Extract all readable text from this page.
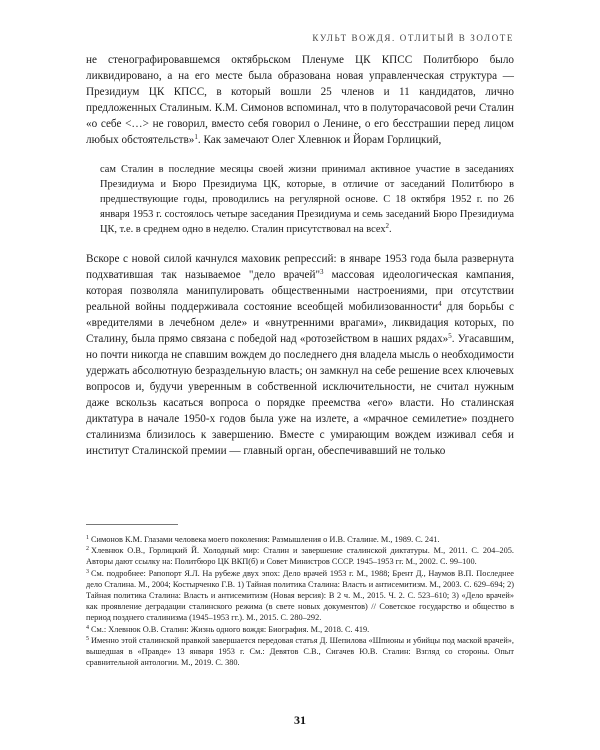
КУЛЬТ ВОЖДЯ. ОТЛИТЫЙ В ЗОЛОТЕ

не стенографировавшемся октябрьском Пленуме ЦК КПСС Политбюро было ликвидировано, а на его месте была образована новая управленческая структура — Президиум ЦК КПСС, в который вошли 25 членов и 11 кандидатов, лично предложенных Сталиным. К.М. Симонов вспоминал, что в полуторачасовой речи Сталин «о себе <…> не говорил, вместо себя говорил о Ленине, о его бесстрашии перед лицом любых обстоятельств»$^1$. Как замечают Олег Хлевнюк и Йорам Горлицкий,

сам Сталин в последние месяцы своей жизни принимал активное участие в заседаниях Президиума и Бюро Президиума ЦК, которые, в отличие от заседаний Политбюро в предшествующие годы, проводились на регулярной основе. С 18 октября 1952 г. по 26 января 1953 г. состоялось четыре заседания Президиума и семь заседаний Бюро Президиума ЦК, т.е. в среднем одно в неделю. Сталин присутствовал на всех$^2$.

Вскоре с новой силой качнулся маховик репрессий: в январе 1953 года была развернута подхватившая так называемое "дело врачей"$^3$ массовая идеологическая кампания, которая позволяла манипулировать общественными настроениями, при отсутствии реальной войны поддерживала состояние всеобщей мобилизованности$^4$ для борьбы с «вредителями в лечебном деле» и «внутренними врагами», ликвидация которых, по Сталину, была прямо связана с победой над «ротозейством в наших рядах»$^5$. Угасавшим, но почти никогда не спавшим вождем до последнего дня владела мысль о необходимости удержать абсолютную безраздельную власть; он замкнул на себе решение всех ключевых вопросов и, будучи уверенным в собственной исключительности, не считал нужным даже вскользь касаться вопроса о порядке преемства «его» власти. Но сталинская диктатура в начале 1950-х годов была уже на излете, а «мрачное семилетие» позднего сталинизма близилось к завершению. Вместе с умирающим вождем изживал себя и институт Сталинской премии — главный орган, обеспечивавший не только

$^1$ Симонов К.М. Глазами человека моего поколения: Размышления о И.В. Сталине. М., 1989. С. 241.

$^2$ Хлевнюк О.В., Горлицкий Й. Холодный мир: Сталин и завершение сталинской диктатуры. М., 2011. С. 204–205. Авторы дают ссылку на: Политбюро ЦК ВКП(б) и Совет Министров СССР. 1945–1953 гг. М., 2002. С. 99–100.

$^3$ См. подробнее: Рапопорт Я.Л. На рубеже двух эпох: Дело врачей 1953 г. М., 1988; Брент Д., Наумов В.П. Последнее дело Сталина. М., 2004; Костырченко Г.В. 1) Тайная политика Сталина: Власть и антисемитизм. М., 2003. С. 629–694; 2) Тайная политика Сталина: Власть и антисемитизм (Новая версия): В 2 ч. М., 2015. Ч. 2. С. 523–610; 3) «Дело врачей» как проявление деградации сталинского режима (в свете новых документов) // Советское государство и общество в период позднего сталинизма (1945–1953 гг.). М., 2015. С. 280–292.

$^4$ См.: Хлевнюк О.В. Сталин: Жизнь одного вождя: Биография. М., 2018. С. 419.

$^5$ Именно этой сталинской правкой завершается передовая статья Д. Шепилова «Шпионы и убийцы под маской врачей», вышедшая в «Правде» 13 января 1953 г. См.: Девятов С.В., Сигачев Ю.В. Сталин: Взгляд со стороны. Опыт сравнительной антологии. М., 2019. С. 380.

31
